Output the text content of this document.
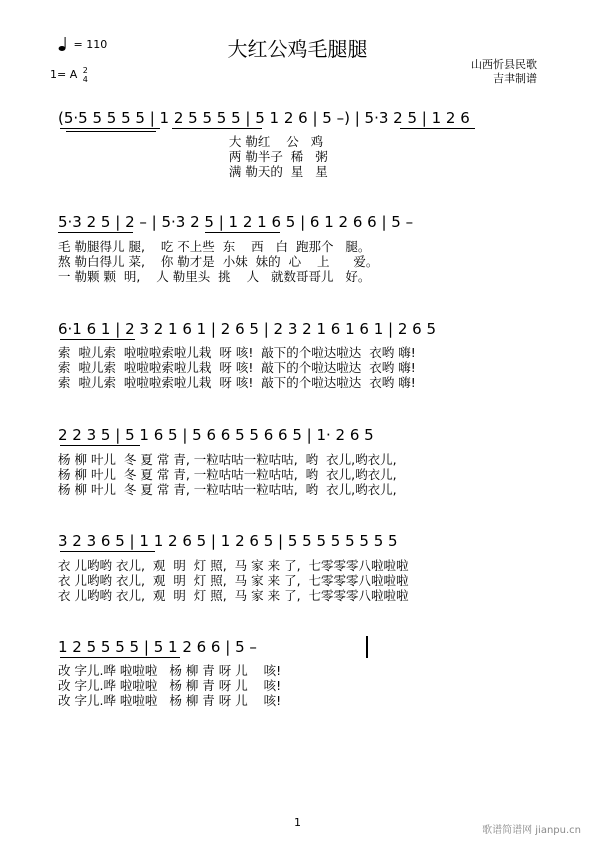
大红公鸡毛腿腿
= 110
1= A 2
4
山西忻县民歌
吉聿制谱
(5·5 5 5 5 5 | 1 2 5 5 5 5 | 5 1 2 6 | 5 –) | 5·3 2 5 | 1 2 6
大 勒红    公   鸡
两 勒半子  稀   粥
满 勒天的  星   星
5·3 2 5 | 2 – | 5·3 2 5 | 1 2 1 6 5 | 6 1 2 6 6 | 5 –
毛 勒腿得儿 腿,    吃 不上些  东    西   白  跑那个   腿。
熬 勒白得儿 菜,    你 勒才是  小妹  妹的  心    上      爱。
一 勒颗 颗  明,    人 勒里头  挑    人   就数哥哥儿   好。
6·1 6 1 | 2 3 2 1 6 1 | 2 6 5 | 2 3 2 1 6 1 6 1 | 2 6 5
索  啦儿索  啦啦啦索啦儿栽  呀 咳!  敲下的个啦达啦达  衣哟 嗨!
索  啦儿索  啦啦啦索啦儿栽  呀 咳!  敲下的个啦达啦达  衣哟 嗨!
索  啦儿索  啦啦啦索啦儿栽  呀 咳!  敲下的个啦达啦达  衣哟 嗨!
2 2 3 5 | 5 1 6 5 | 5 6 6 5 5 6 6 5 | 1· 2 6 5
杨 柳 叶儿  冬 夏 常 青, 一粒咕咕一粒咕咕,  哟  衣儿,哟衣儿,
杨 柳 叶儿  冬 夏 常 青, 一粒咕咕一粒咕咕,  哟  衣儿,哟衣儿,
杨 柳 叶儿  冬 夏 常 青, 一粒咕咕一粒咕咕,  哟  衣儿,哟衣儿,
3 2 3 6 5 | 1 1 2 6 5 | 1 2 6 5 | 5 5 5 5 5 5 5 5
衣 儿哟哟 衣儿,  观  明  灯 照,  马 家 来 了,  七零零零八啦啦啦
衣 儿哟哟 衣儿,  观  明  灯 照,  马 家 来 了,  七零零零八啦啦啦
衣 儿哟哟 衣儿,  观  明  灯 照,  马 家 来 了,  七零零零八啦啦啦
1 2 5 5 5 5 | 5 1 2 6 6 | 5 –
改 字儿.哗 啦啦啦   杨 柳 青 呀 儿    咳!
改 字儿.哗 啦啦啦   杨 柳 青 呀 儿    咳!
改 字儿.哗 啦啦啦   杨 柳 青 呀 儿    咳!
1
歌谱简谱网 jianpu.cn
